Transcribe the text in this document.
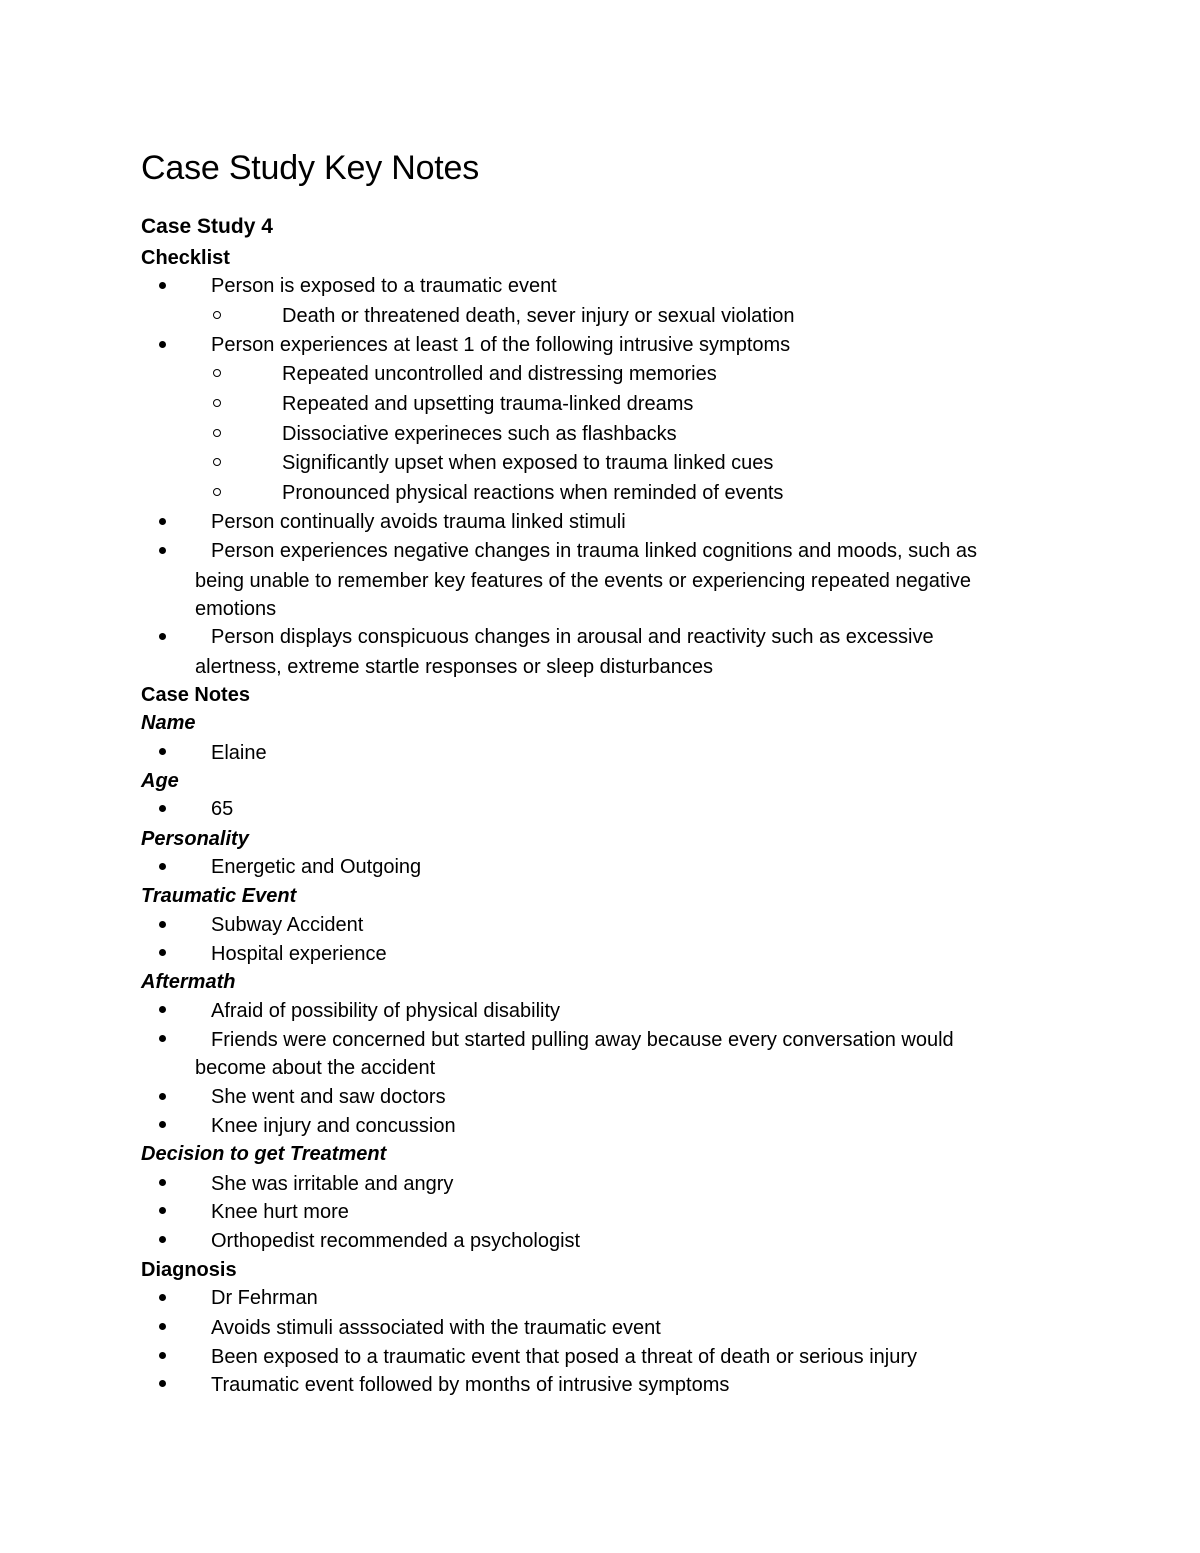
Case Study Key Notes
Case Study 4
Checklist
Person is exposed to a traumatic event
Death or threatened death, sever injury or sexual violation
Person experiences at least 1 of the following intrusive symptoms
Repeated uncontrolled and distressing memories
Repeated and upsetting trauma-linked dreams
Dissociative experineces such as flashbacks
Significantly upset when exposed to trauma linked cues
Pronounced physical reactions when reminded of events
Person continually avoids trauma linked stimuli
Person experiences negative changes in trauma linked cognitions and moods, such as
being unable to remember key features of the events or experiencing repeated negative
emotions
Person displays conspicuous changes in arousal and reactivity such as excessive
alertness, extreme startle responses or sleep disturbances
Case Notes
Name
Elaine
Age
65
Personality
Energetic and Outgoing
Traumatic Event
Subway Accident
Hospital experience
Aftermath
Afraid of possibility of physical disability
Friends were concerned but started pulling away because every conversation would
become about the accident
She went and saw doctors
Knee injury and concussion
Decision to get Treatment
She was irritable and angry
Knee hurt more
Orthopedist recommended a psychologist
Diagnosis
Dr Fehrman
Avoids stimuli asssociated with the traumatic event
Been exposed to a traumatic event that posed a threat of death or serious injury
Traumatic event followed by months of intrusive symptoms
